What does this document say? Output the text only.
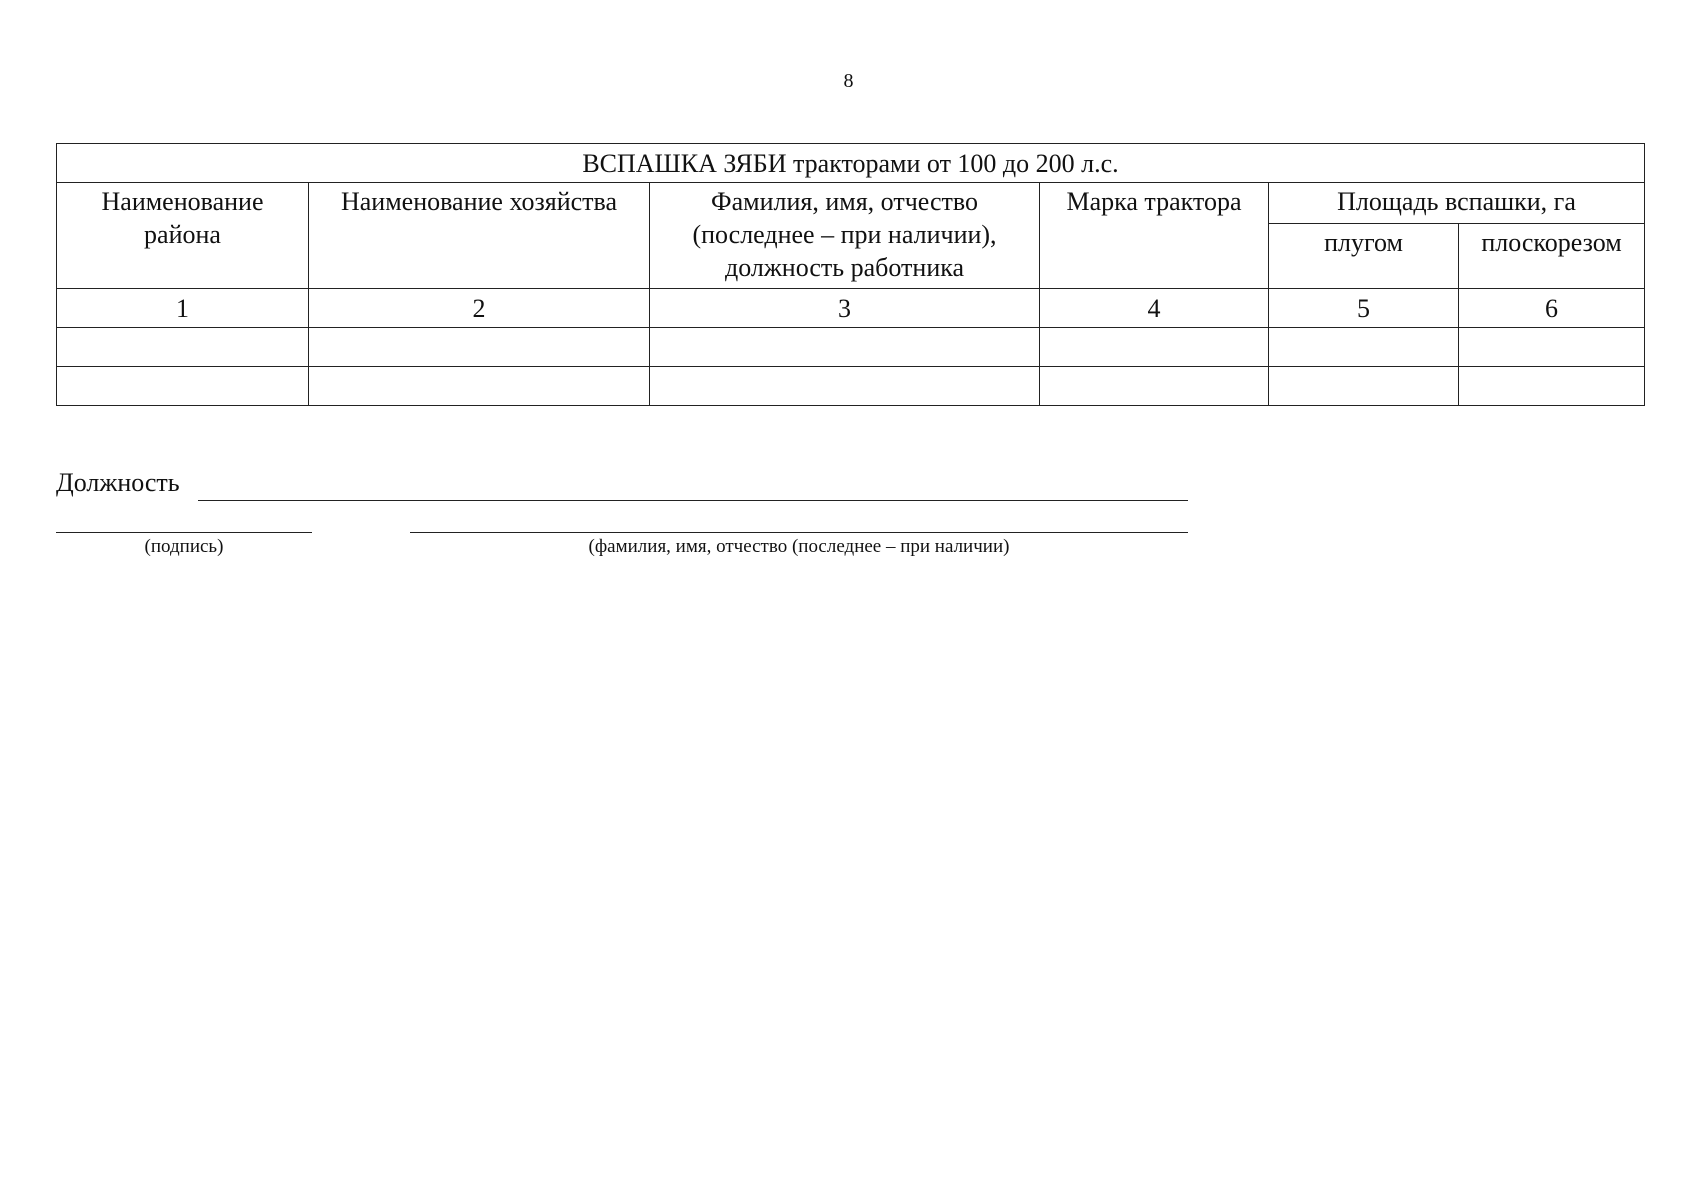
8
ВСПАШКА ЗЯБИ тракторами от 100 до 200 л.с.					
Наименование района	Наименование хозяйства	Фамилия, имя, отчество (последнее – при наличии), должность работника	Марка трактора	Площадь вспашки, га	
				плугом	плоскорезом
1	2	3	4	5	6

Должность
(подпись)	(фамилия, имя, отчество (последнее – при наличии)
